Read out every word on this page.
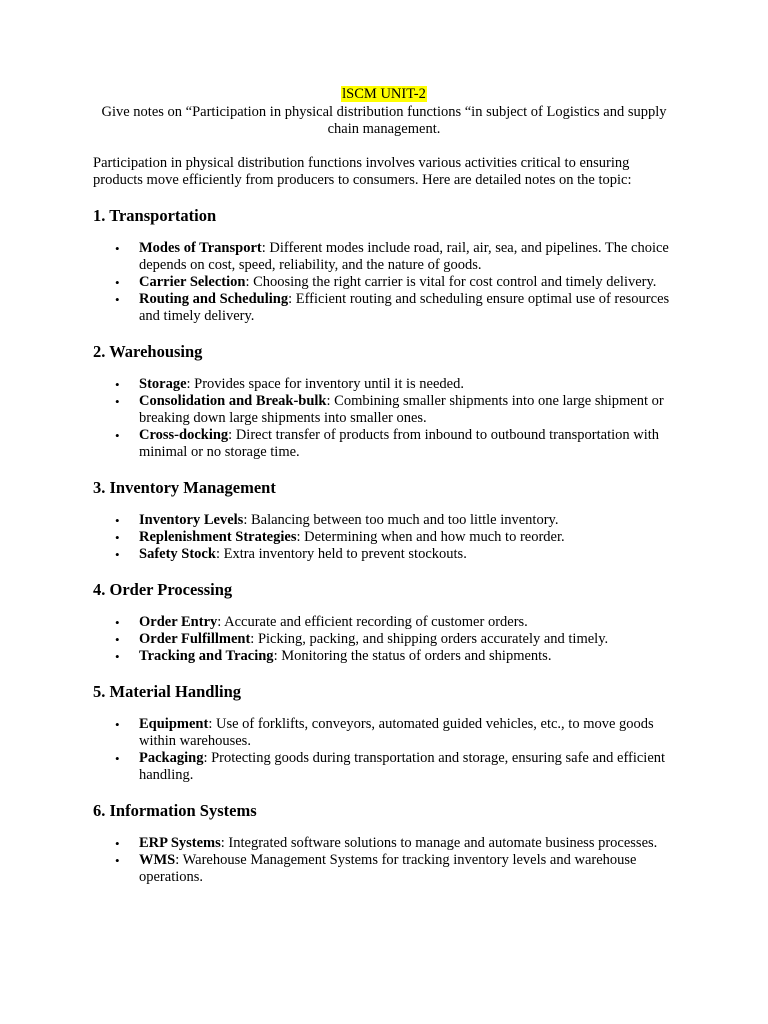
lSCM UNIT-2

Give notes on “Participation in physical distribution functions “in subject of Logistics and supply chain management.

Participation in physical distribution functions involves various activities critical to ensuring products move efficiently from producers to consumers. Here are detailed notes on the topic:

1. Transportation
• Modes of Transport: Different modes include road, rail, air, sea, and pipelines. The choice depends on cost, speed, reliability, and the nature of goods.
• Carrier Selection: Choosing the right carrier is vital for cost control and timely delivery.
• Routing and Scheduling: Efficient routing and scheduling ensure optimal use of resources and timely delivery.
2. Warehousing
• Storage: Provides space for inventory until it is needed.
• Consolidation and Break-bulk: Combining smaller shipments into one large shipment or breaking down large shipments into smaller ones.
• Cross-docking: Direct transfer of products from inbound to outbound transportation with minimal or no storage time.
3. Inventory Management
• Inventory Levels: Balancing between too much and too little inventory.
• Replenishment Strategies: Determining when and how much to reorder.
• Safety Stock: Extra inventory held to prevent stockouts.
4. Order Processing
• Order Entry: Accurate and efficient recording of customer orders.
• Order Fulfillment: Picking, packing, and shipping orders accurately and timely.
• Tracking and Tracing: Monitoring the status of orders and shipments.
5. Material Handling
• Equipment: Use of forklifts, conveyors, automated guided vehicles, etc., to move goods within warehouses.
• Packaging: Protecting goods during transportation and storage, ensuring safe and efficient handling.
6. Information Systems
• ERP Systems: Integrated software solutions to manage and automate business processes.
• WMS: Warehouse Management Systems for tracking inventory levels and warehouse operations.
